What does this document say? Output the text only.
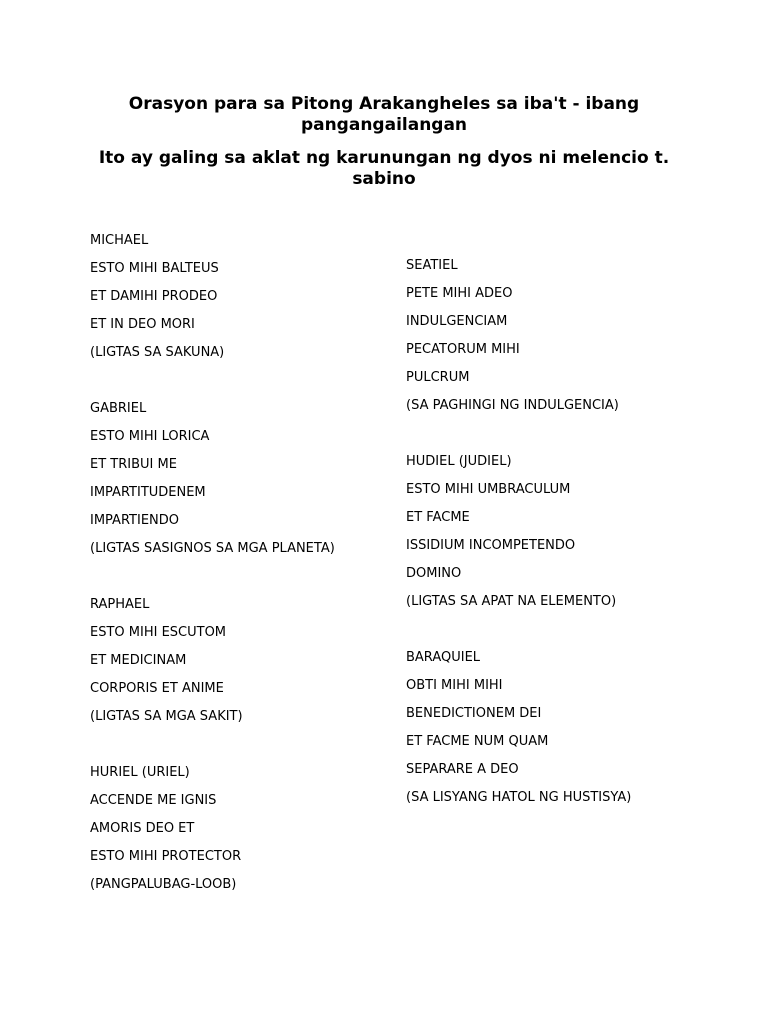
Orasyon para sa Pitong Arakangheles sa iba't - ibang pangangailangan
Ito ay galing sa aklat ng karunungan ng dyos ni melencio t. sabino
MICHAEL
ESTO MIHI BALTEUS
ET DAMIHI PRODEO
ET IN DEO MORI
(LIGTAS SA SAKUNA)
GABRIEL
ESTO MIHI LORICA
ET TRIBUI ME
IMPARTITUDENEM
IMPARTIENDO
(LIGTAS SASIGNOS SA MGA PLANETA)
RAPHAEL
ESTO MIHI ESCUTOM
ET MEDICINAM
CORPORIS ET ANIME
(LIGTAS SA MGA SAKIT)
HURIEL (URIEL)
ACCENDE ME IGNIS
AMORIS DEO ET
ESTO MIHI PROTECTOR
(PANGPALUBAG-LOOB)
SEATIEL
PETE MIHI ADEO
INDULGENCIAM
PECATORUM MIHI
PULCRUM
(SA PAGHINGI NG INDULGENCIA)
HUDIEL (JUDIEL)
ESTO MIHI UMBRACULUM
ET FACME
ISSIDIUM INCOMPETENDO
DOMINO
(LIGTAS SA APAT NA ELEMENTO)
BARAQUIEL
OBTI MIHI MIHI
BENEDICTIONEM DEI
ET FACME NUM QUAM
SEPARARE A DEO
(SA LISYANG HATOL NG HUSTISYA)
